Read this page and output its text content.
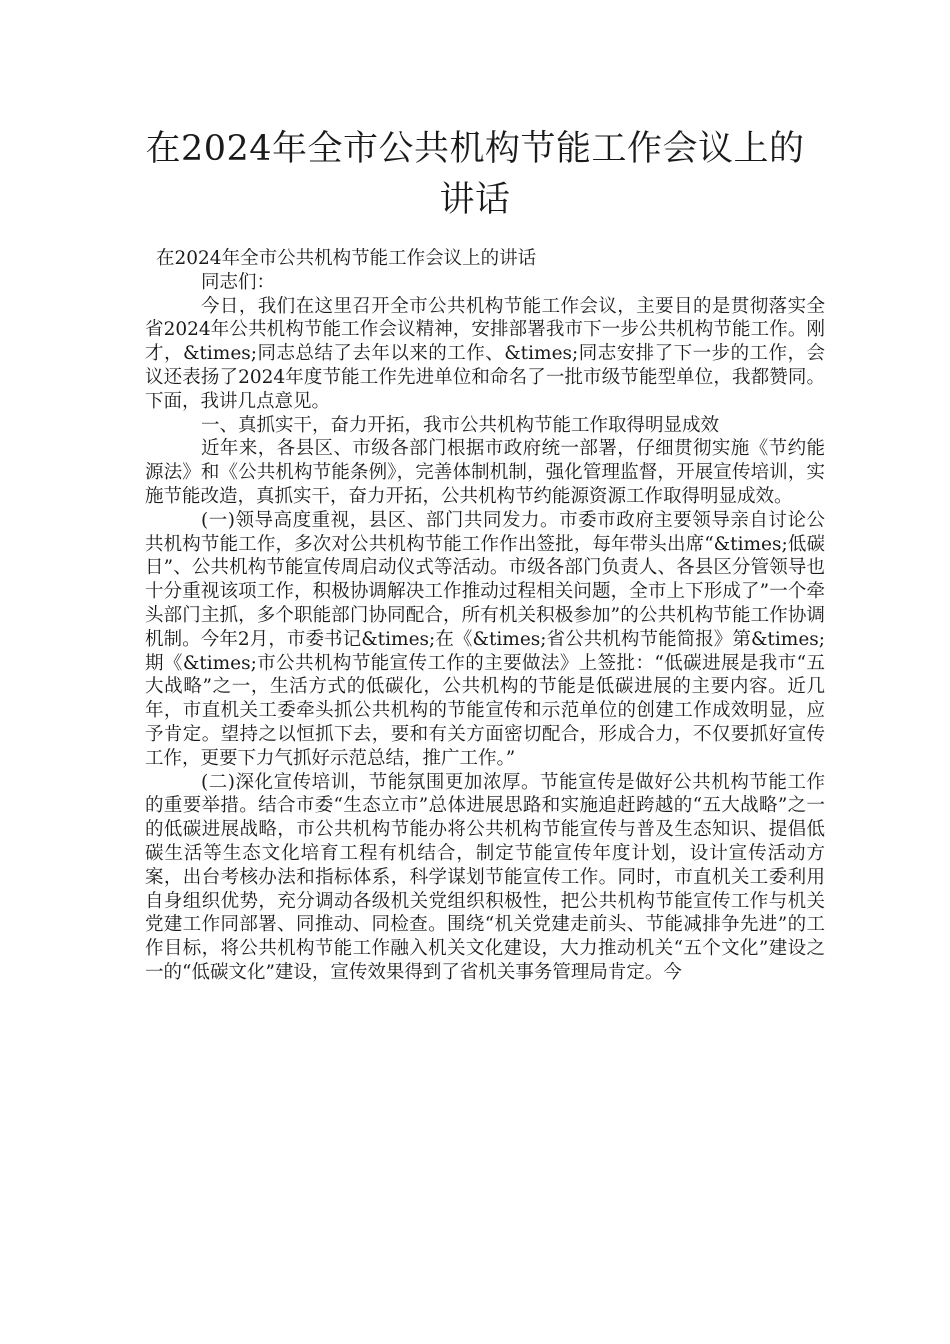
在2024年全市公共机构节能工作会议上的
讲话

在2024年全市公共机构节能工作会议上的讲话

同志们：

今日，我们在这里召开全市公共机构节能工作会议，主要目的是贯彻落实全省2024年公共机构节能工作会议精神，安排部署我市下一步公共机构节能工作。刚才，&times;同志总结了去年以来的工作、&times;同志安排了下一步的工作，会议还表扬了2024年度节能工作先进单位和命名了一批市级节能型单位，我都赞同。下面，我讲几点意见。

一、真抓实干，奋力开拓，我市公共机构节能工作取得明显成效

近年来，各县区、市级各部门根据市政府统一部署，仔细贯彻实施《节约能源法》和《公共机构节能条例》，完善体制机制，强化管理监督，开展宣传培训，实施节能改造，真抓实干，奋力开拓，公共机构节约能源资源工作取得明显成效。

(一)领导高度重视，县区、部门共同发力。市委市政府主要领导亲自讨论公共机构节能工作，多次对公共机构节能工作作出签批，每年带头出席“&times;低碳日”、公共机构节能宣传周启动仪式等活动。市级各部门负责人、各县区分管领导也十分重视该项工作，积极协调解决工作推动过程相关问题，全市上下形成了”一个牵头部门主抓，多个职能部门协同配合，所有机关积极参加”的公共机构节能工作协调机制。今年2月，市委书记&times;在《&times;省公共机构节能简报》第&times;期《&times;市公共机构节能宣传工作的主要做法》上签批：“低碳进展是我市“五大战略”之一，生活方式的低碳化，公共机构的节能是低碳进展的主要内容。近几年，市直机关工委牵头抓公共机构的节能宣传和示范单位的创建工作成效明显，应予肯定。望持之以恒抓下去，要和有关方面密切配合，形成合力，不仅要抓好宣传工作，更要下力气抓好示范总结，推广工作。”

(二)深化宣传培训，节能氛围更加浓厚。节能宣传是做好公共机构节能工作的重要举措。结合市委“生态立市”总体进展思路和实施追赶跨越的“五大战略”之一的低碳进展战略，市公共机构节能办将公共机构节能宣传与普及生态知识、提倡低碳生活等生态文化培育工程有机结合，制定节能宣传年度计划，设计宣传活动方案，出台考核办法和指标体系，科学谋划节能宣传工作。同时，市直机关工委利用自身组织优势，充分调动各级机关党组织积极性，把公共机构节能宣传工作与机关党建工作同部署、同推动、同检查。围绕“机关党建走前头、节能减排争先进”的工作目标，将公共机构节能工作融入机关文化建设，大力推动机关“五个文化”建设之一的“低碳文化”建设，宣传效果得到了省机关事务管理局肯定。今
